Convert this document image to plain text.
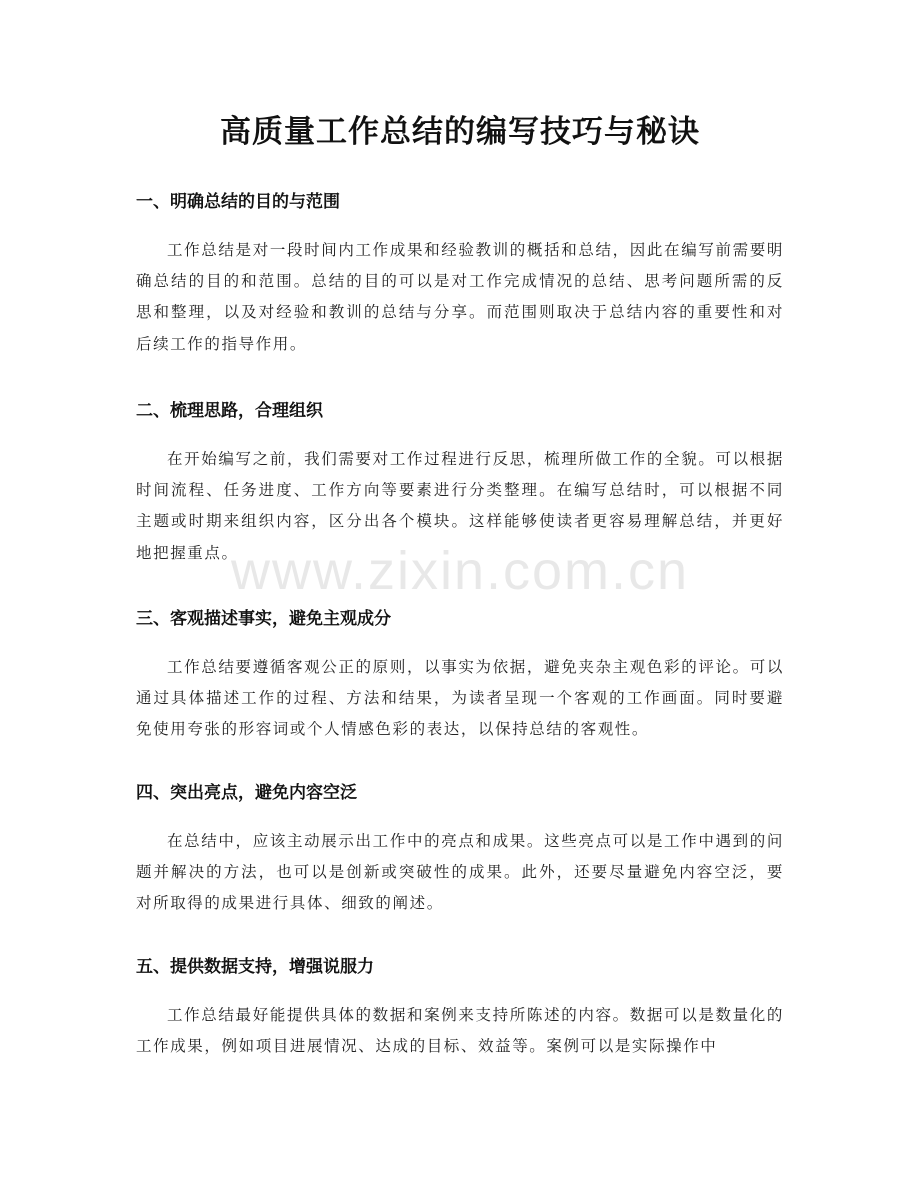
高质量工作总结的编写技巧与秘诀
一、明确总结的目的与范围

工作总结是对一段时间内工作成果和经验教训的概括和总结，因此在编写前需要明确总结的目的和范围。总结的目的可以是对工作完成情况的总结、思考问题所需的反思和整理，以及对经验和教训的总结与分享。而范围则取决于总结内容的重要性和对后续工作的指导作用。

二、梳理思路，合理组织

在开始编写之前，我们需要对工作过程进行反思，梳理所做工作的全貌。可以根据时间流程、任务进度、工作方向等要素进行分类整理。在编写总结时，可以根据不同主题或时期来组织内容，区分出各个模块。这样能够使读者更容易理解总结，并更好地把握重点。

三、客观描述事实，避免主观成分

工作总结要遵循客观公正的原则，以事实为依据，避免夹杂主观色彩的评论。可以通过具体描述工作的过程、方法和结果，为读者呈现一个客观的工作画面。同时要避免使用夸张的形容词或个人情感色彩的表达，以保持总结的客观性。

四、突出亮点，避免内容空泛

在总结中，应该主动展示出工作中的亮点和成果。这些亮点可以是工作中遇到的问题并解决的方法，也可以是创新或突破性的成果。此外，还要尽量避免内容空泛，要对所取得的成果进行具体、细致的阐述。

五、提供数据支持，增强说服力

工作总结最好能提供具体的数据和案例来支持所陈述的内容。数据可以是数量化的工作成果，例如项目进展情况、达成的目标、效益等。案例可以是实际操作中

www.zixin.com.cn
